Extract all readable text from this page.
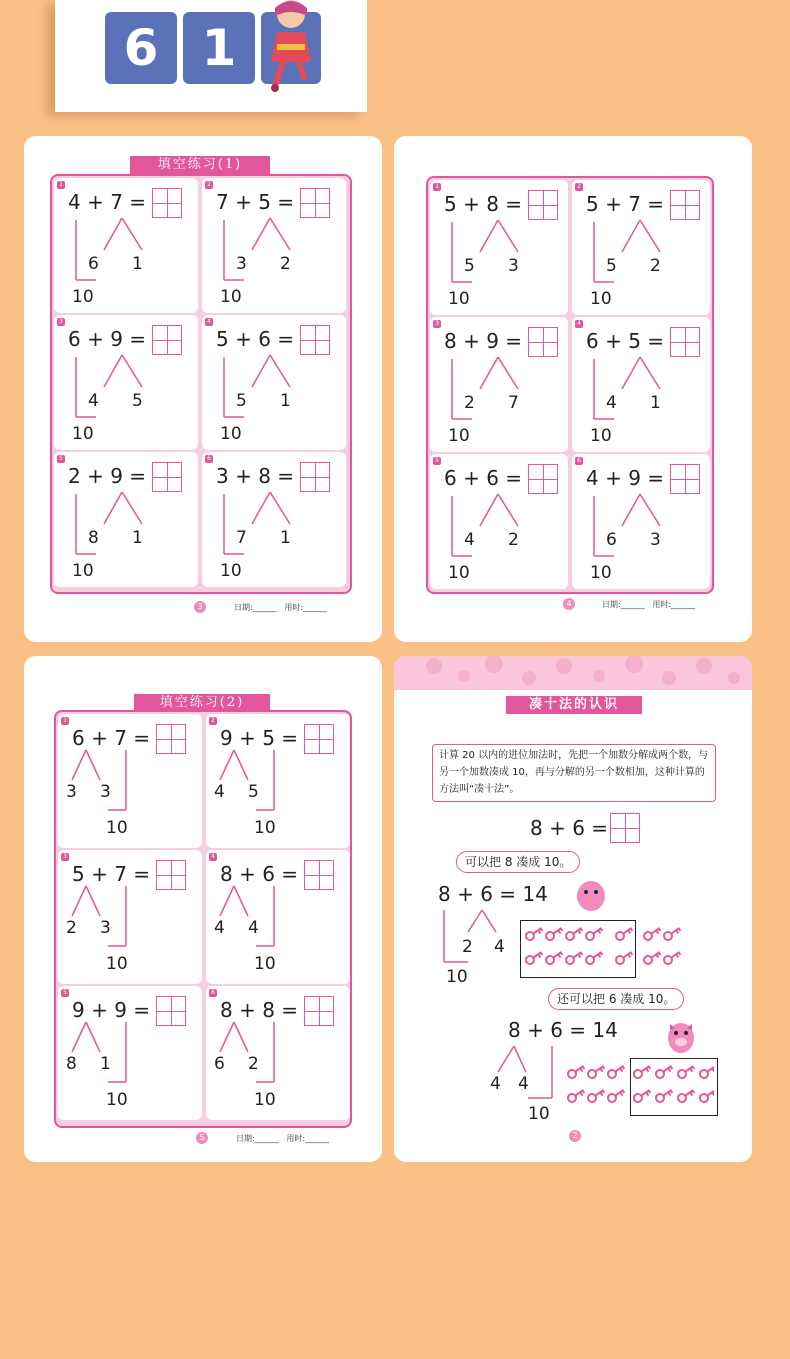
6 1
填空练习(1)
3	日期:______   用时:______
1
4 + 7 =
6 1
10
2
7 + 5 =
3 2
10
3
6 + 9 =
4 5
10
4
5 + 6 =
5 1
10
5
2 + 9 =
8 1
10
6
3 + 8 =
7 1
10
4	日期:______   用时:______
1
5 + 8 =
5 3
10
2
5 + 7 =
5 2
10
3
8 + 9 =
2 7
10
4
6 + 5 =
4 1
10
5
6 + 6 =
4 2
10
6
4 + 9 =
6 3
10
填空练习(2)
5	日期:______   用时:______
1
6 + 7 =
3 3
10
2
9 + 5 =
4 5
10
3
5 + 7 =
2 3
10
4
8 + 6 =
4 4
10
5
9 + 9 =
8 1
10
6
8 + 8 =
6 2
10
凑十法的认识
计算 20 以内的进位加法时，先把一个加数分解成两个数，与另一个加数凑成 10，再与分解的另一个数相加，这种计算的方法叫“凑十法”。
8 + 6 =
可以把 8 凑成 10。
8 + 6 = 14
2 4
10
还可以把 6 凑成 10。
8 + 6 = 14
4 4
10
2
